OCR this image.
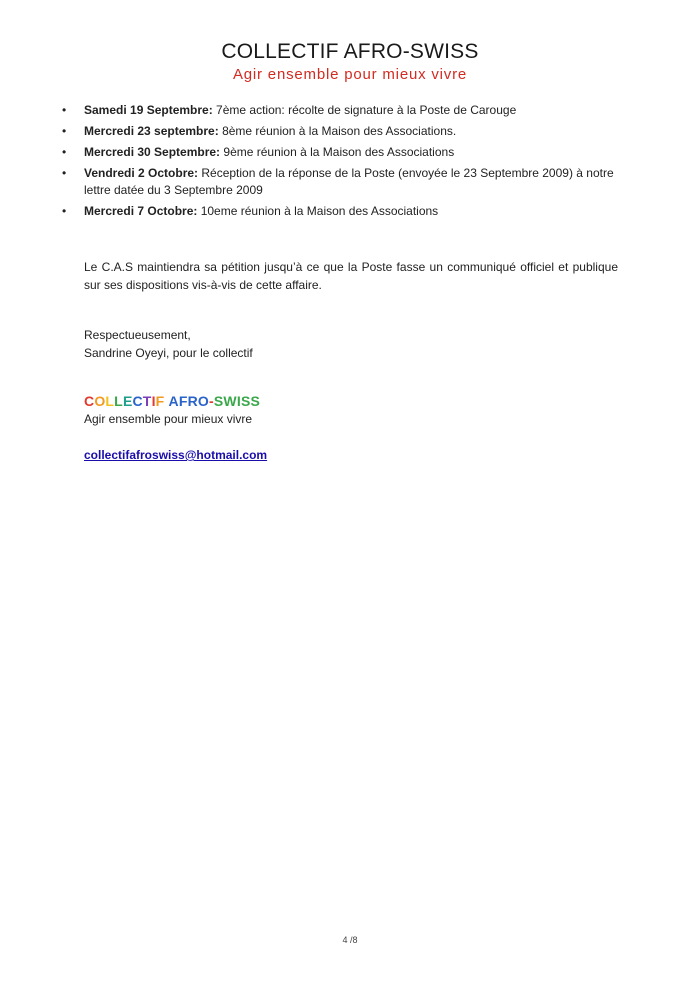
COLLECTIF AFRO-SWISS
Agir ensemble pour mieux vivre
• Samedi 19 Septembre: 7ème action: récolte de signature à la Poste de Carouge
• Mercredi 23 septembre: 8ème réunion à la Maison des Associations.
• Mercredi 30 Septembre: 9ème réunion à la Maison des Associations
• Vendredi 2 Octobre: Réception de la réponse de la Poste (envoyée le 23 Septembre 2009) à notre lettre datée du 3 Septembre 2009
• Mercredi 7 Octobre: 10eme réunion à la Maison des Associations

Le C.A.S maintiendra sa pétition jusqu’à ce que la Poste fasse un communiqué officiel et publique sur ses dispositions vis-à-vis de cette affaire.

Respectueusement,
Sandrine Oyeyi, pour le collectif
COLLECTIF AFRO-SWISS
Agir ensemble pour mieux vivre
collectifafroswiss@hotmail.com
4 /8
